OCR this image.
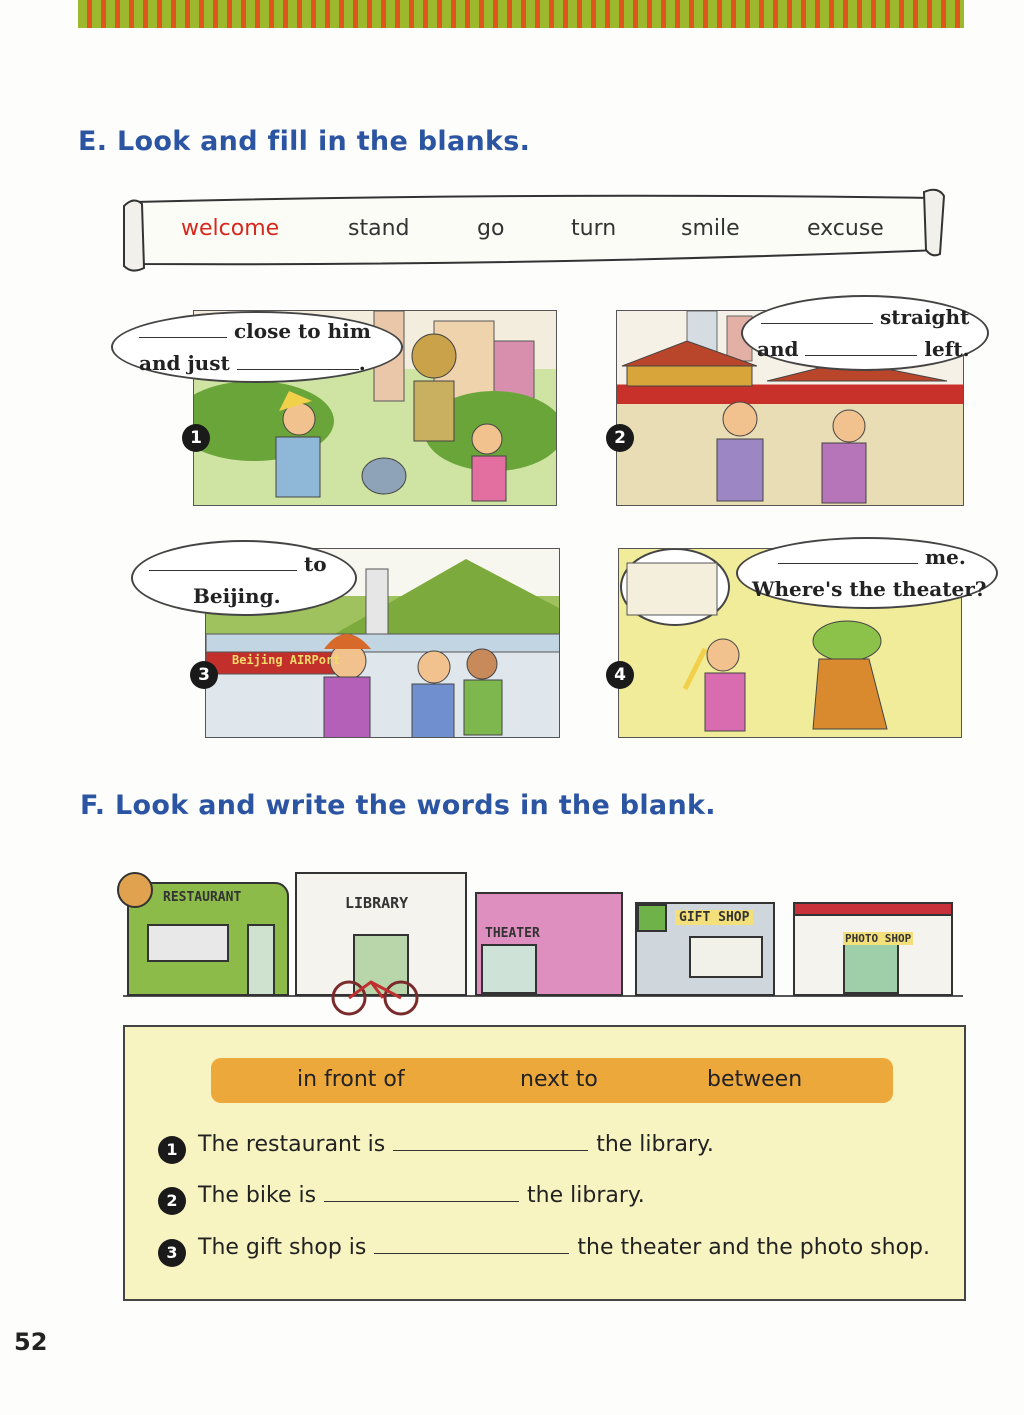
E. Look and fill in the blanks.
welcome	stand	go	turn	smile	excuse
close to him
and just	.
1
straight
and	left.
2
Beijing AIRPort
to
Beijing.
3
me.
Where's the theater?
4
F. Look and write the words in the blank.
RESTAURANT	LIBRARY
THEATER
GIFT SHOP
PHOTO SHOP
in front of	next to	between
1 The restaurant is	the library.
2 The bike is	the library.
3 The gift shop is	the theater and the photo shop.
52
